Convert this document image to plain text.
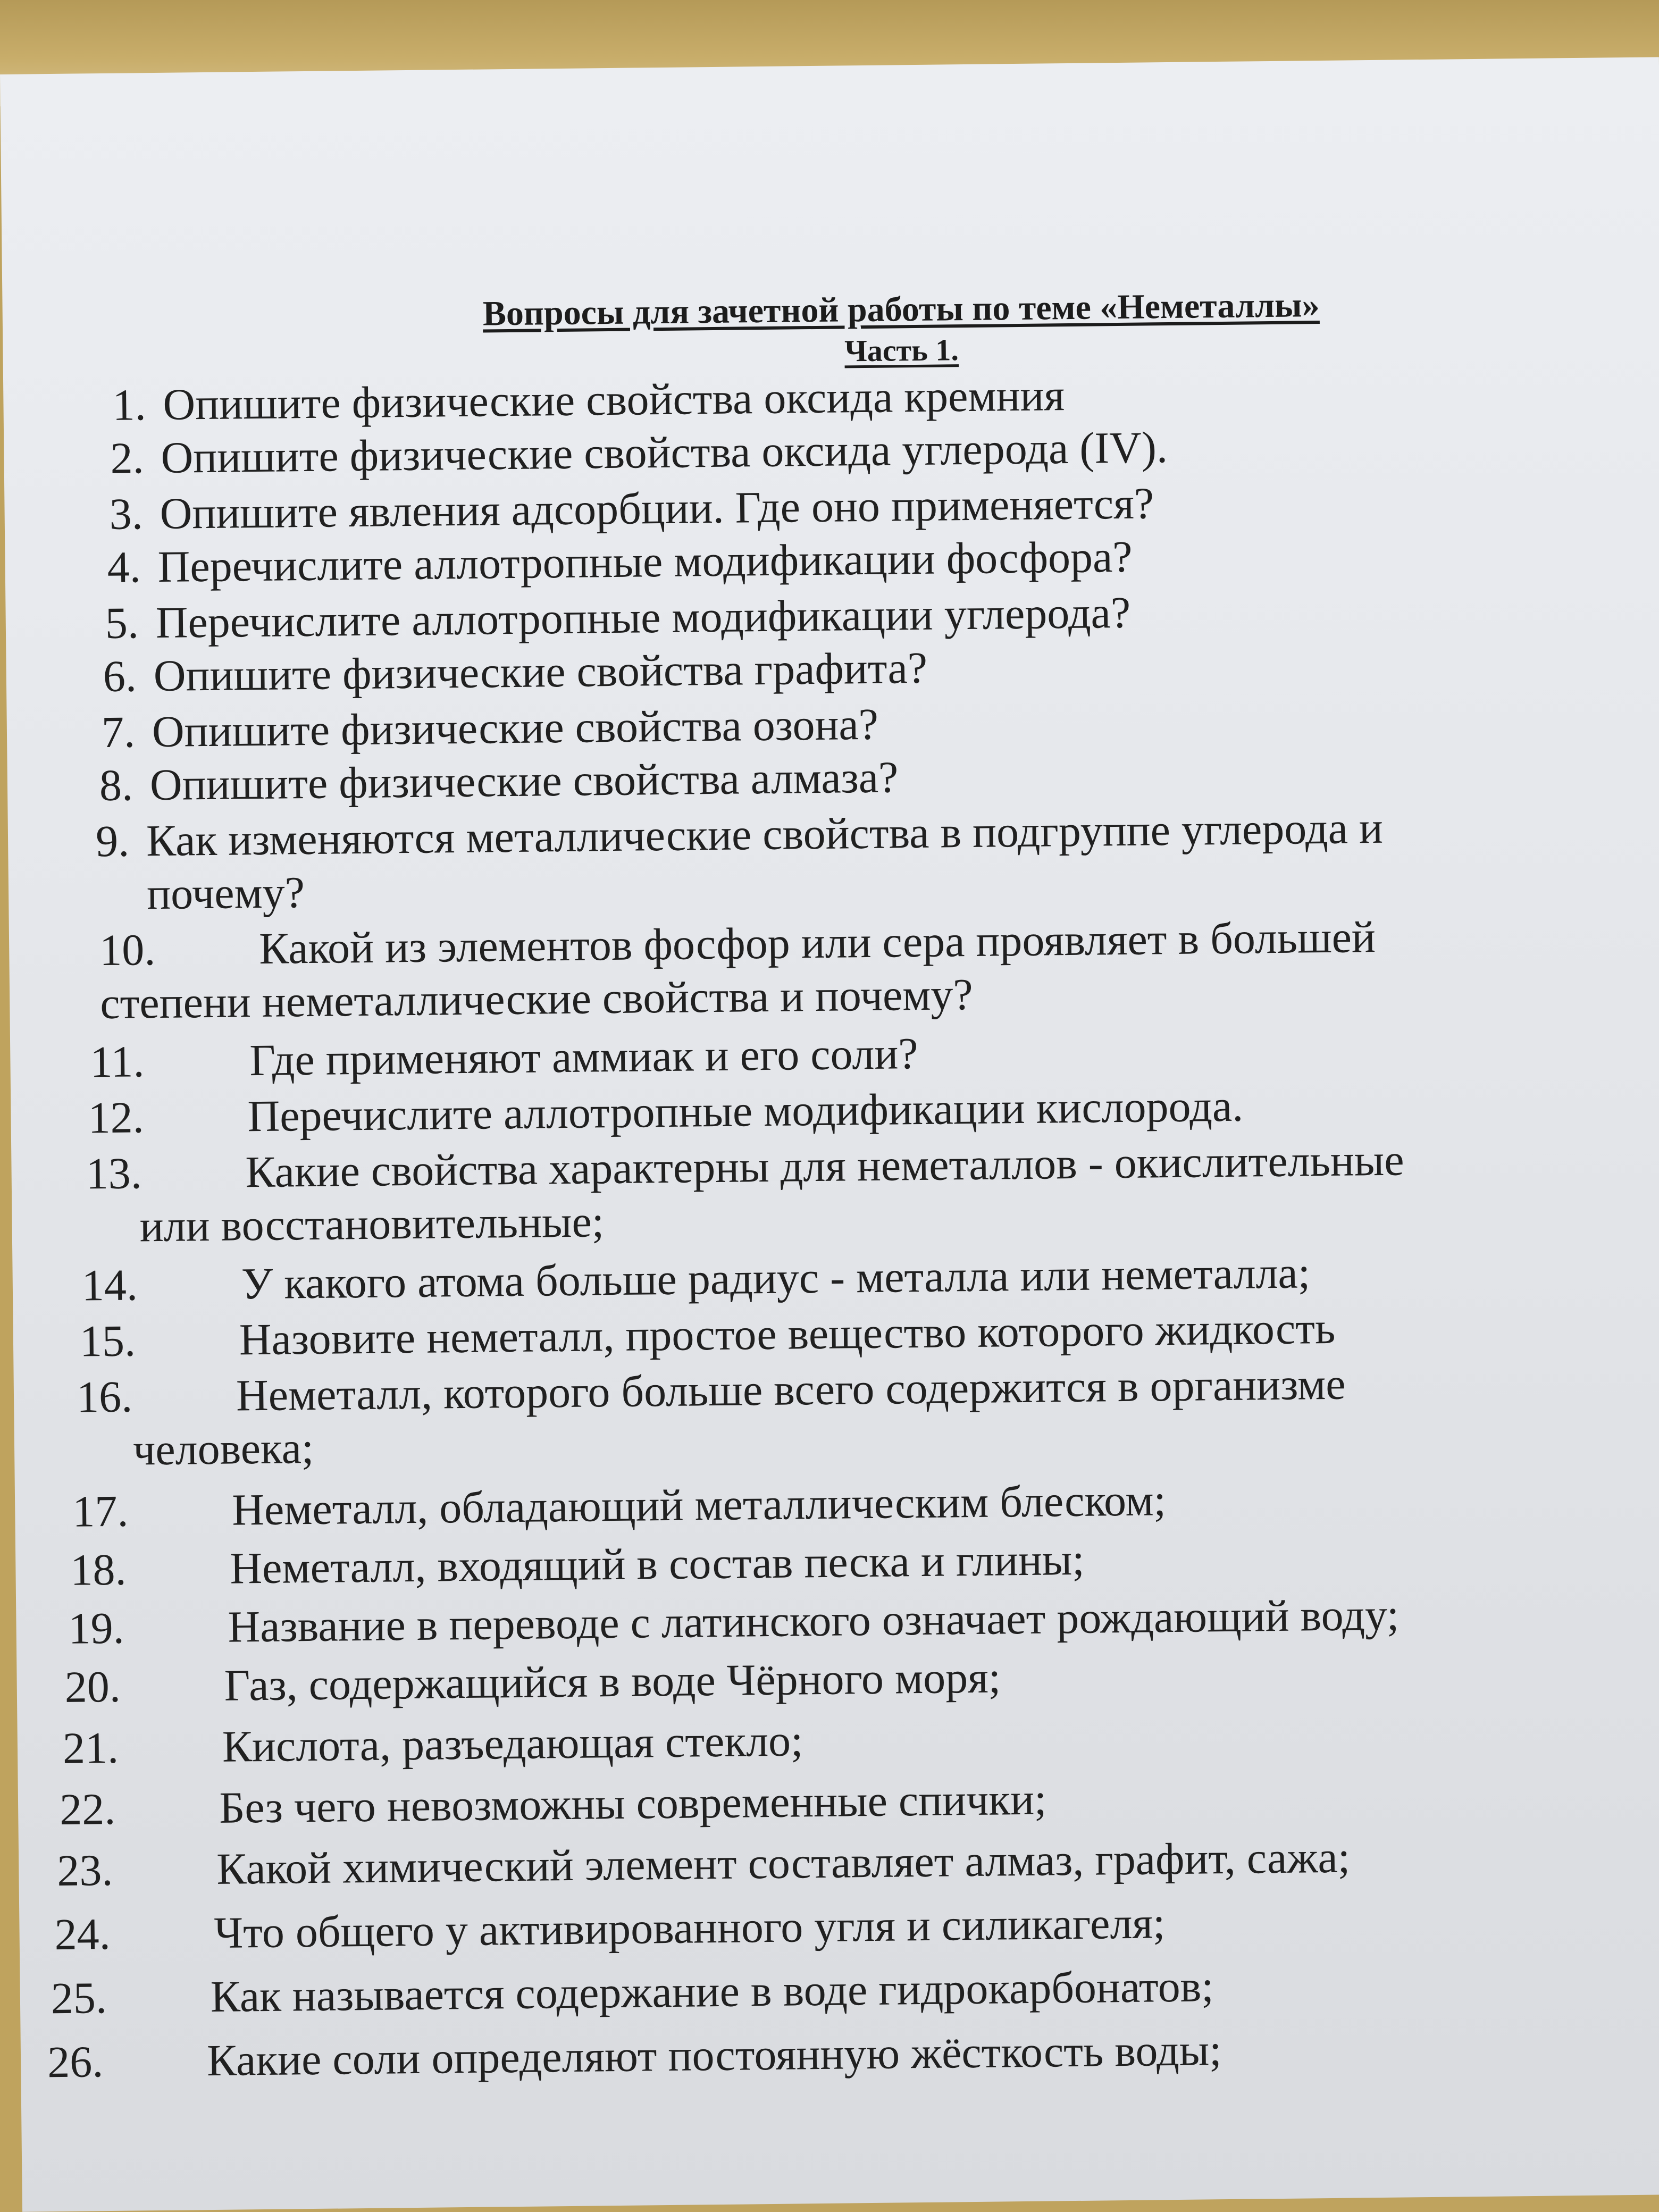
Вопросы для зачетной работы по теме «Неметаллы»
Часть 1.
1. Опишите физические свойства оксида кремния
2. Опишите физические свойства оксида углерода (IV).
3. Опишите явления адсорбции. Где оно применяется?
4. Перечислите аллотропные модификации фосфора?
5. Перечислите аллотропные модификации углерода?
6. Опишите физические свойства графита?
7. Опишите физические свойства озона?
8. Опишите физические свойства алмаза?
9. Как изменяются металлические свойства в подгруппе углерода и
почему?
10. Какой из элементов фосфор или сера проявляет в большей
степени неметаллические свойства и почему?
11. Где применяют аммиак и его соли?
12. Перечислите аллотропные модификации кислорода.
13. Какие свойства характерны для неметаллов - окислительные
или восстановительные;
14. У какого атома больше радиус - металла или неметалла;
15. Назовите неметалл, простое вещество которого жидкость
16. Неметалл, которого больше всего содержится в организме
человека;
17. Неметалл, обладающий металлическим блеском;
18. Неметалл, входящий в состав песка и глины;
19. Название в переводе с латинского означает рождающий воду;
20. Газ, содержащийся в воде Чёрного моря;
21. Кислота, разъедающая стекло;
22. Без чего невозможны современные спички;
23. Какой химический элемент составляет алмаз, графит, сажа;
24. Что общего у активированного угля и силикагеля;
25. Как называется содержание в воде гидрокарбонатов;
26. Какие соли определяют постоянную жёсткость воды;
